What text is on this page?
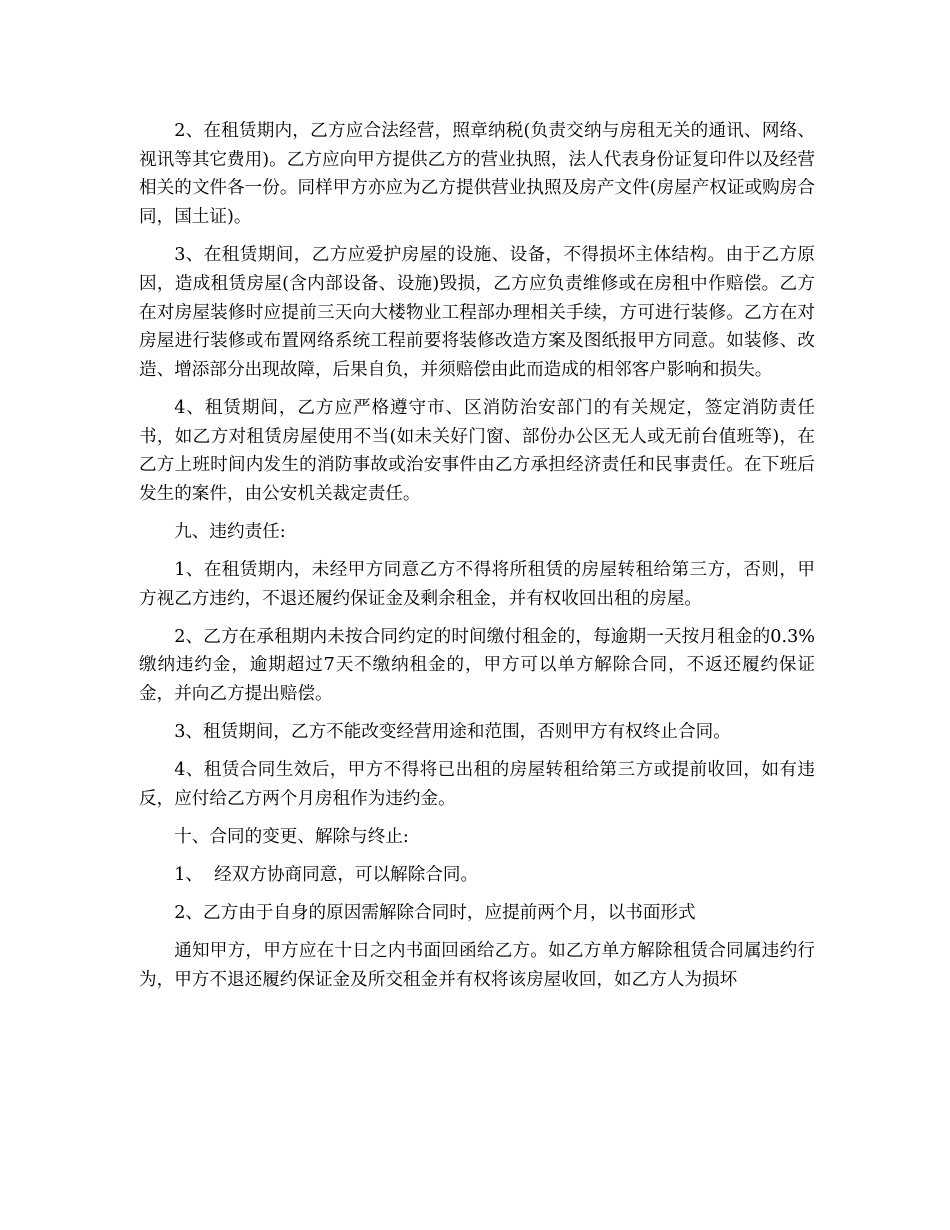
2、在租赁期内，乙方应合法经营，照章纳税(负责交纳与房租无关的通讯、网络、视讯等其它费用)。乙方应向甲方提供乙方的营业执照，法人代表身份证复印件以及经营相关的文件各一份。同样甲方亦应为乙方提供营业执照及房产文件(房屋产权证或购房合同，国土证)。

3、在租赁期间，乙方应爱护房屋的设施、设备，不得损坏主体结构。由于乙方原因，造成租赁房屋(含内部设备、设施)毁损，乙方应负责维修或在房租中作赔偿。乙方在对房屋装修时应提前三天向大楼物业工程部办理相关手续，方可进行装修。乙方在对房屋进行装修或布置网络系统工程前要将装修改造方案及图纸报甲方同意。如装修、改造、增添部分出现故障，后果自负，并须赔偿由此而造成的相邻客户影响和损失。

4、租赁期间，乙方应严格遵守市、区消防治安部门的有关规定，签定消防责任书，如乙方对租赁房屋使用不当(如未关好门窗、部份办公区无人或无前台值班等)，在乙方上班时间内发生的消防事故或治安事件由乙方承担经济责任和民事责任。在下班后发生的案件，由公安机关裁定责任。

九、违约责任:

1、在租赁期内，未经甲方同意乙方不得将所租赁的房屋转租给第三方，否则，甲方视乙方违约，不退还履约保证金及剩余租金，并有权收回出租的房屋。

2、乙方在承租期内未按合同约定的时间缴付租金的，每逾期一天按月租金的0.3%缴纳违约金，逾期超过7天不缴纳租金的，甲方可以单方解除合同，不返还履约保证金，并向乙方提出赔偿。

3、租赁期间，乙方不能改变经营用途和范围，否则甲方有权终止合同。

4、租赁合同生效后，甲方不得将已出租的房屋转租给第三方或提前收回，如有违反，应付给乙方两个月房租作为违约金。

十、合同的变更、解除与终止:

1、  经双方协商同意，可以解除合同。

2、乙方由于自身的原因需解除合同时，应提前两个月，以书面形式

通知甲方，甲方应在十日之内书面回函给乙方。如乙方单方解除租赁合同属违约行为，甲方不退还履约保证金及所交租金并有权将该房屋收回，如乙方人为损坏
